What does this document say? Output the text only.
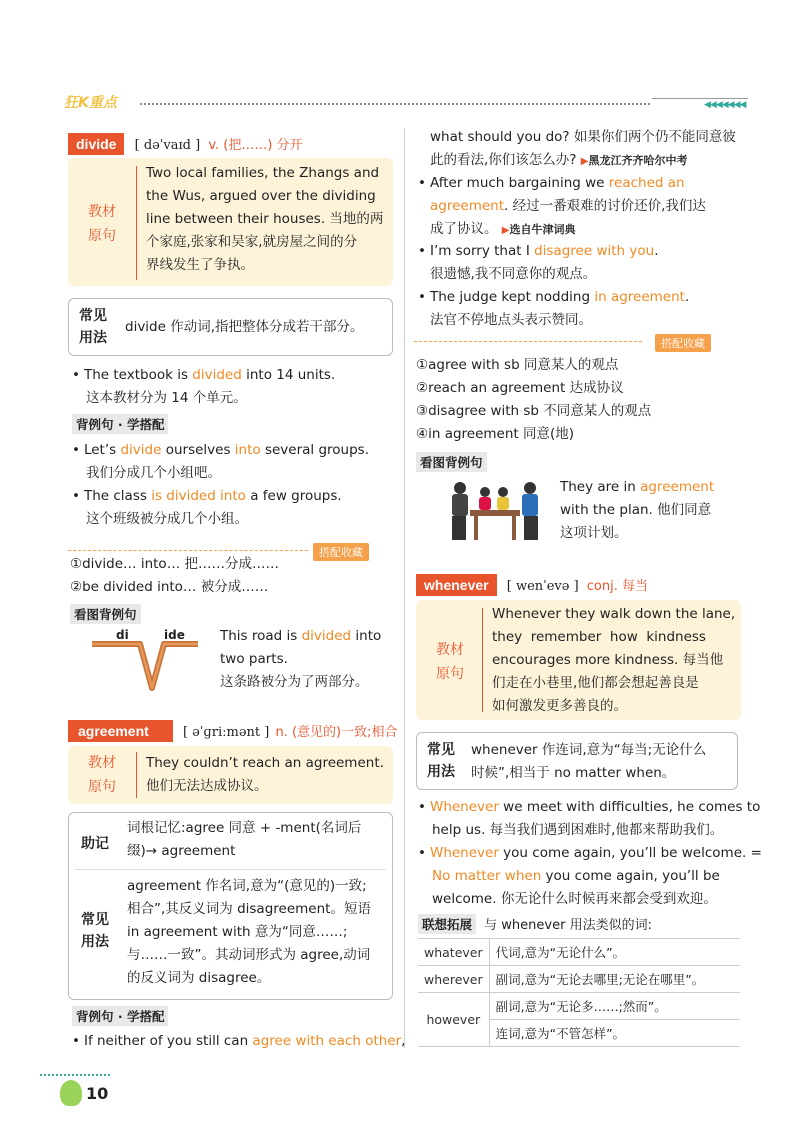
狂K重点	◀◀◀◀◀◀◀
divide [ dəˈvaɪd ] v. (把……) 分开
教材
原句
Two local families, the Zhangs and
the Wus, argued over the dividing
line between their houses. 当地的两
个家庭,张家和吴家,就房屋之间的分
界线发生了争执。
常见
用法
divide 作动词,指把整体分成若干部分。
• The textbook is divided into 14 units.
这本教材分为 14 个单元。
背例句 · 学搭配
• Let’s divide ourselves into several groups.
我们分成几个小组吧。
• The class is divided into a few groups.
这个班级被分成几个小组。
搭配收藏
①divide… into… 把……分成……
②be divided into… 被分成……
看图背例句
di	ide	This road is divided into
two parts.
这条路被分为了两部分。
agreement	[ əˈɡriːmənt ] n. (意见的)一致;相合
教材
原句
They couldn’t reach an agreement.
他们无法达成协议。
助记
词根记忆:agree 同意 + -ment(名词后
缀)→ agreement
常见
用法
agreement 作名词,意为“(意见的)一致;
相合”,其反义词为 disagreement。短语
in agreement with 意为“同意……;
与……一致”。其动词形式为 agree,动词
的反义词为 disagree。
背例句 · 学搭配
• If neither of you still can agree with each other,
10
what should you do? 如果你们两个仍不能同意彼
此的看法,你们该怎么办? ▶黑龙江齐齐哈尔中考
• After much bargaining we reached an
agreement. 经过一番艰难的讨价还价,我们达
成了协议。 ▶选自牛津词典
• I’m sorry that I disagree with you.
很遗憾,我不同意你的观点。
• The judge kept nodding in agreement.
法官不停地点头表示赞同。
搭配收藏
①agree with sb 同意某人的观点
②reach an agreement 达成协议
③disagree with sb 不同意某人的观点
④in agreement 同意(地)
看图背例句
They are in agreement
with the plan. 他们同意
这项计划。
whenever [ wenˈevə ] conj. 每当
教材
原句
Whenever they walk down the lane,
they  remember  how  kindness
encourages more kindness. 每当他
们走在小巷里,他们都会想起善良是
如何激发更多善良的。
常见
用法
whenever 作连词,意为“每当;无论什么
时候”,相当于 no matter when。
• Whenever we meet with difficulties, he comes to
help us. 每当我们遇到困难时,他都来帮助我们。
• Whenever you come again, you’ll be welcome. =
No matter when you come again, you’ll be
welcome. 你无论什么时候再来都会受到欢迎。
联想拓展 与 whenever 用法类似的词:
whatever	代词,意为“无论什么”。
wherever	副词,意为“无论去哪里;无论在哪里”。
however	副词,意为“无论多……;然而”。
	连词,意为“不管怎样”。
